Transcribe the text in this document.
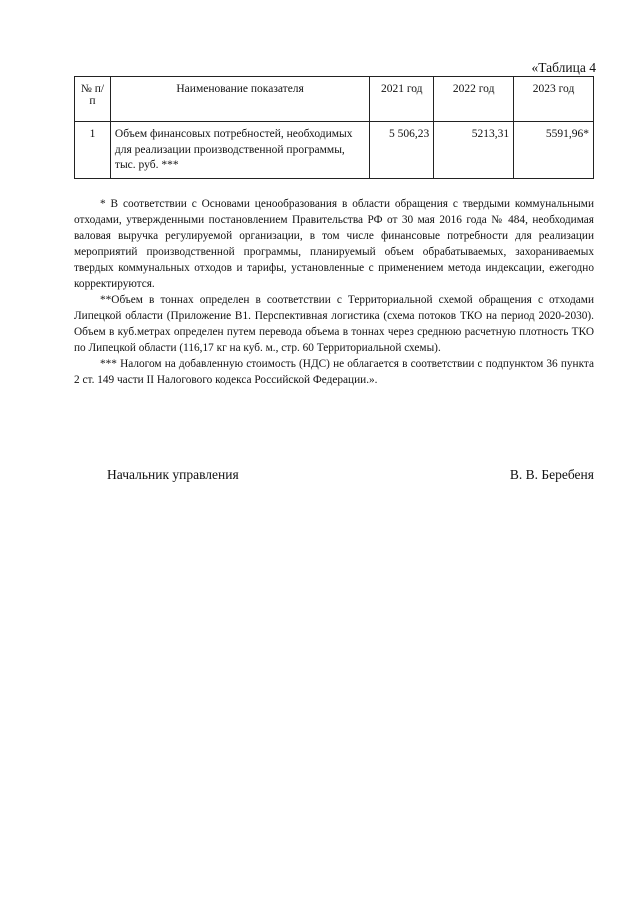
«Таблица 4
№ п/п	Наименование показателя	2021 год	2022 год	2023 год
1	Объем финансовых потребностей, необходимых для реализации производственной программы, тыс. руб. ***	5 506,23	5213,31	5591,96*

* В соответствии с Основами ценообразования в области обращения с твердыми коммунальными отходами, утвержденными постановлением Правительства РФ от 30 мая 2016 года № 484, необходимая валовая выручка регулируемой организации, в том числе финансовые потребности для реализации мероприятий производственной программы, планируемый объем обрабатываемых, захораниваемых твердых коммунальных отходов и тарифы, установленные с применением метода индексации, ежегодно корректируются.

**Объем в тоннах определен в соответствии с Территориальной схемой обращения с отходами Липецкой области (Приложение В1. Перспективная логистика (схема потоков ТКО на период 2020-2030). Объем в куб.метрах определен путем перевода объема в тоннах через среднюю расчетную плотность ТКО по Липецкой области (116,17 кг на куб. м., стр. 60 Территориальной схемы).

*** Налогом на добавленную стоимость (НДС) не облагается в соответствии с подпунктом 36 пункта 2 ст. 149 части II Налогового кодекса Российской Федерации.».

Начальник управления	В. В. Беребеня
